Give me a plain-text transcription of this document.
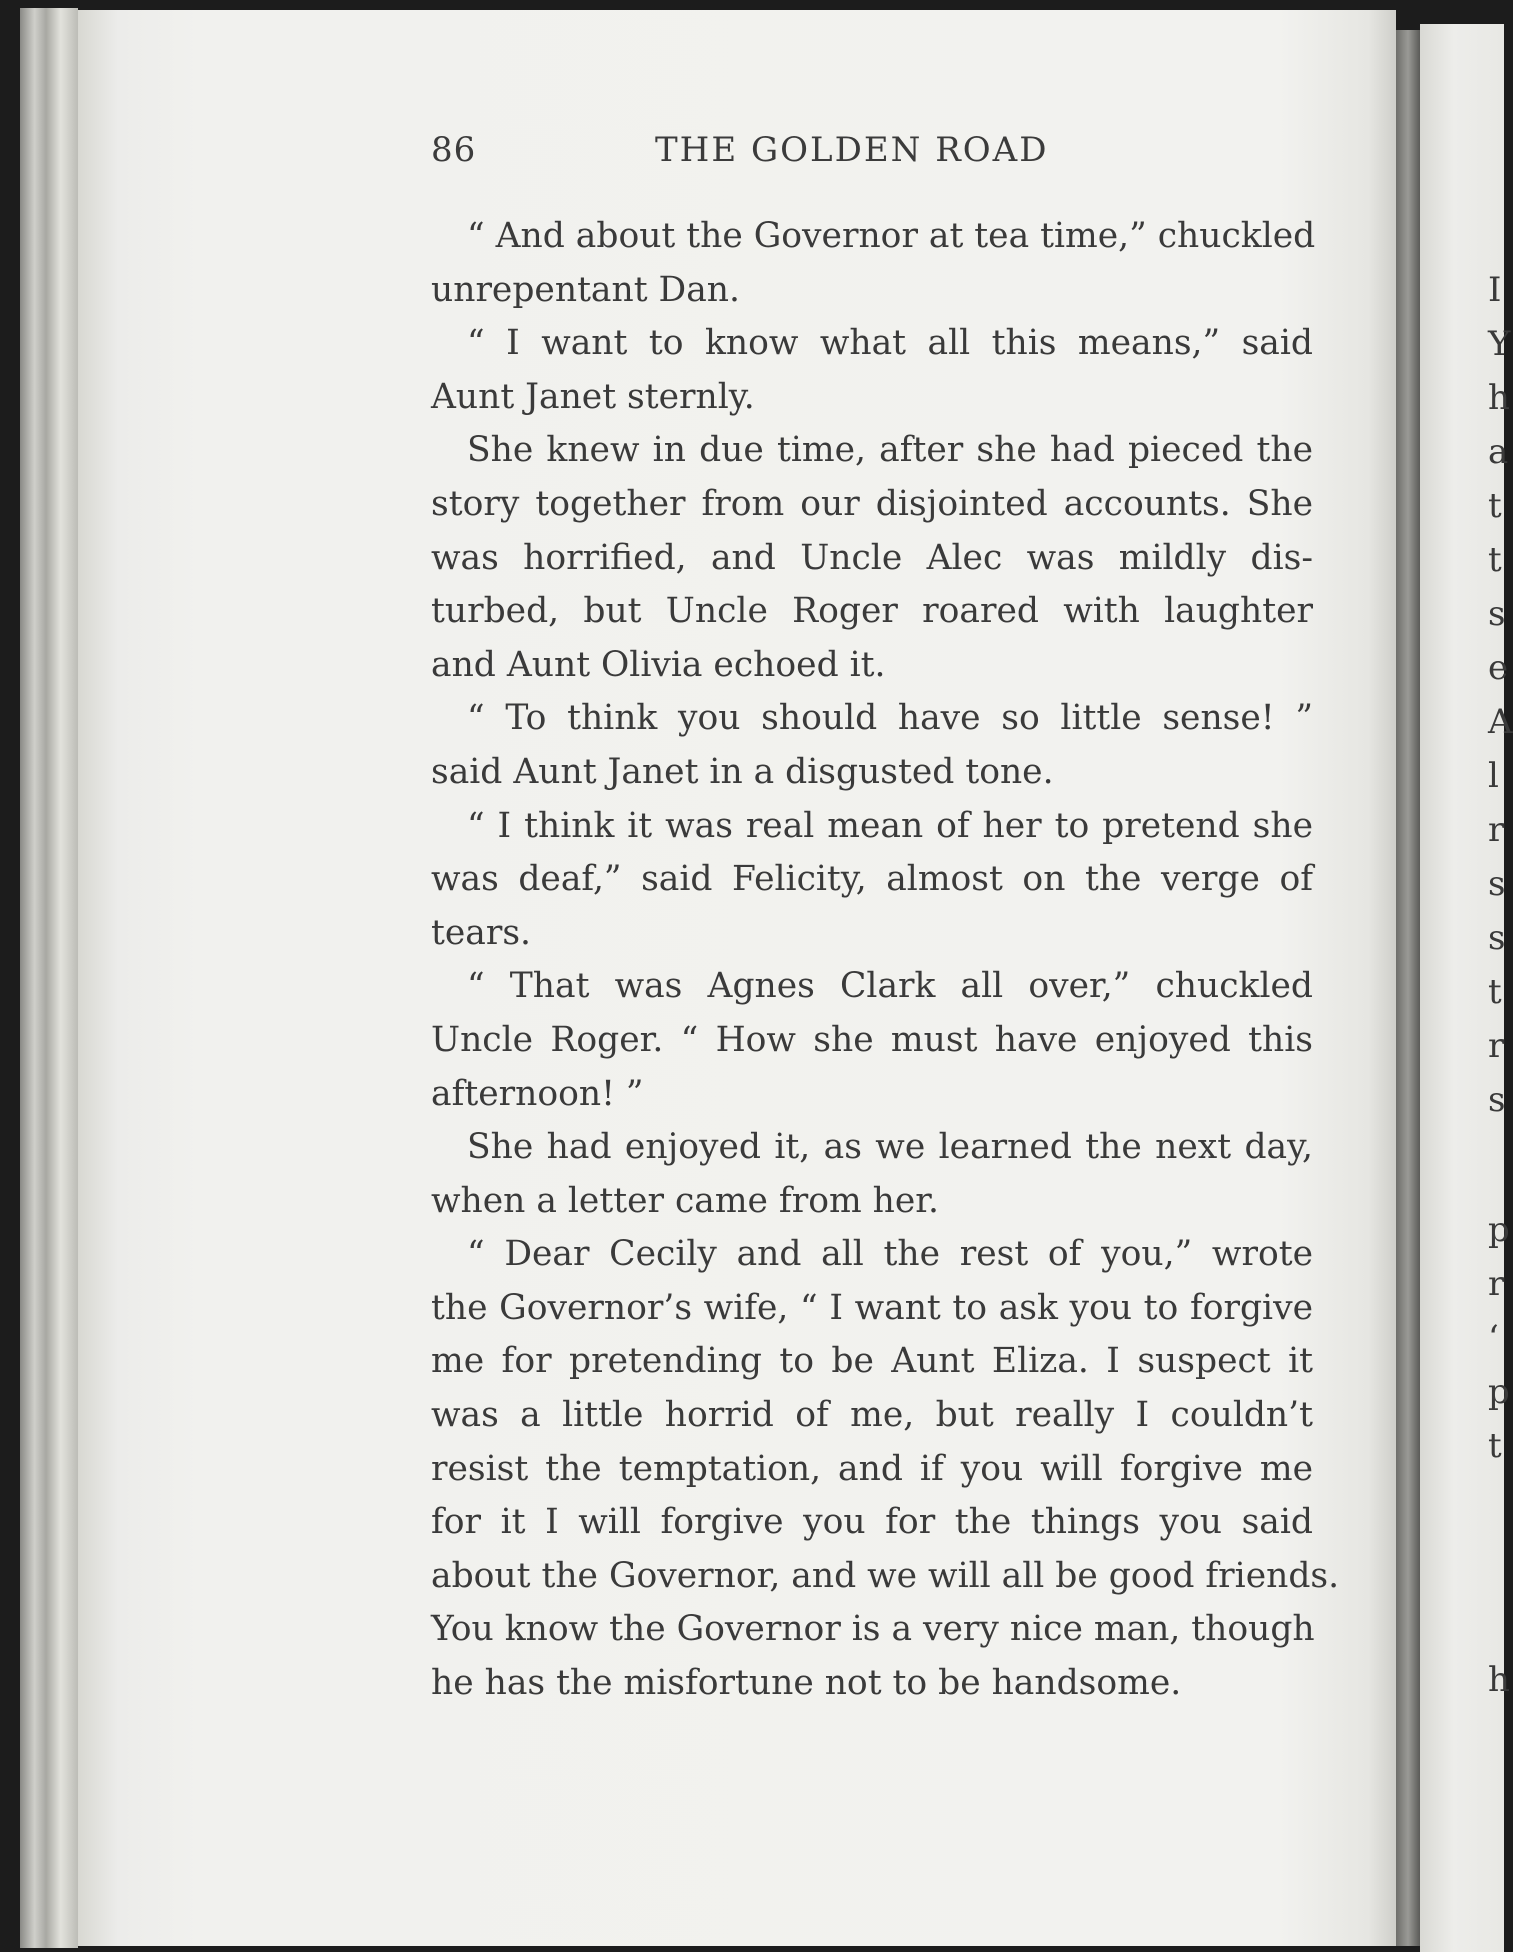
86	THE GOLDEN ROAD
“ And about the Governor at tea time,” chuckled
unrepentant Dan.
“ I want to know what all this means,” said
Aunt Janet sternly.
She knew in due time, after she had pieced the
story together from our disjointed accounts. She
was horrified, and Uncle Alec was mildly dis-
turbed, but Uncle Roger roared with laughter
and Aunt Olivia echoed it.
“ To think you should have so little sense! ”
said Aunt Janet in a disgusted tone.
“ I think it was real mean of her to pretend she
was deaf,” said Felicity, almost on the verge of
tears.
“ That was Agnes Clark all over,” chuckled
Uncle Roger. “ How she must have enjoyed this
afternoon! ”
She had enjoyed it, as we learned the next day,
when a letter came from her.
“ Dear Cecily and all the rest of you,” wrote
the Governor’s wife, “ I want to ask you to forgive
me for pretending to be Aunt Eliza. I suspect it
was a little horrid of me, but really I couldn’t
resist the temptation, and if you will forgive me
for it I will forgive you for the things you said
about the Governor, and we will all be good friends.
You know the Governor is a very nice man, though
he has the misfortune not to be handsome.
I
Y
h
a
t
t
s
e
A
l
r
s
s
t
r
s
p
r
‘
p
t
h
